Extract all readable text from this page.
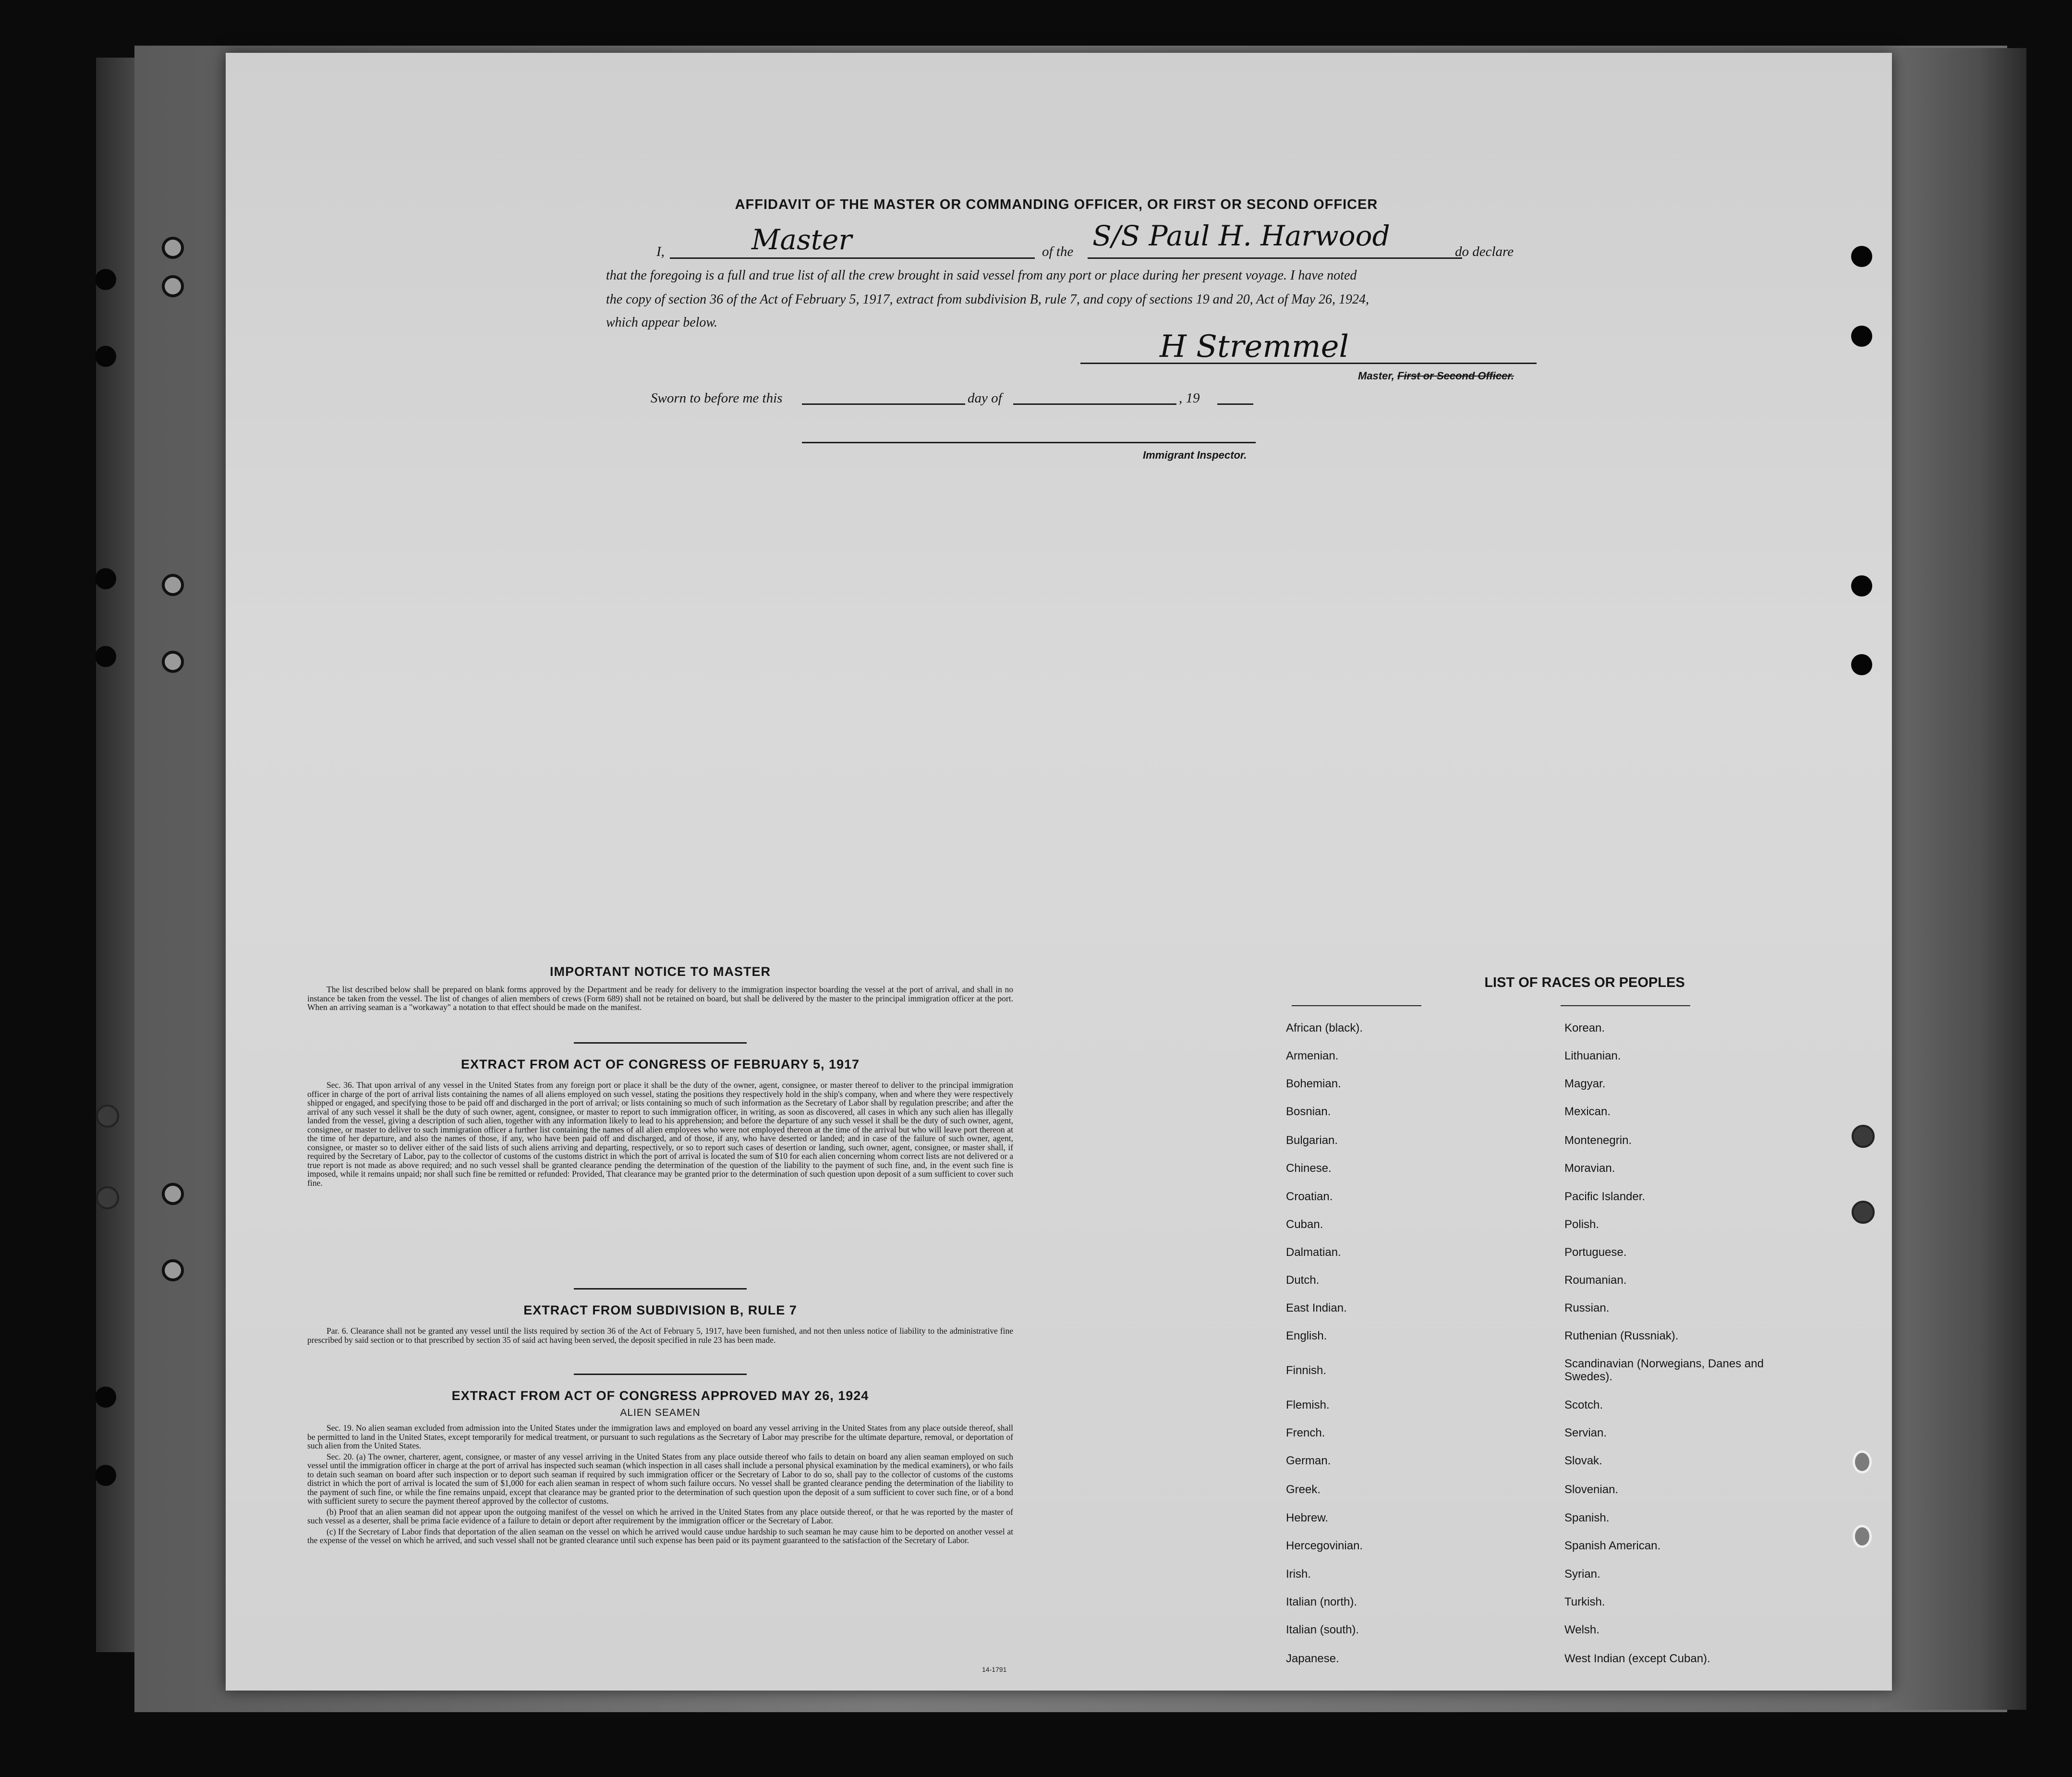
AFFIDAVIT OF THE MASTER OR COMMANDING OFFICER, OR FIRST OR SECOND OFFICER
I,	Master	of the S/S Paul H. Harwood	do declare
that the foregoing is a full and true list of all the crew brought in said vessel from any port or place during her present voyage. I have noted
the copy of section 36 of the Act of February 5, 1917, extract from subdivision B, rule 7, and copy of sections 19 and 20, Act of May 26, 1924,
which appear below.
H Stremmel
Master, First or Second Officer.
Sworn to before me this	day of	, 19
Immigrant Inspector.
IMPORTANT NOTICE TO MASTER
The list described below shall be prepared on blank forms approved by the Department and be ready for delivery to the immigration inspector boarding the vessel at the port of arrival, and shall in no instance be taken from the vessel. The list of changes of alien members of crews (Form 689) shall not be retained on board, but shall be delivered by the master to the principal immigration officer at the port. When an arriving seaman is a "workaway" a notation to that effect should be made on the manifest.
EXTRACT FROM ACT OF CONGRESS OF FEBRUARY 5, 1917
Sec. 36. That upon arrival of any vessel in the United States from any foreign port or place it shall be the duty of the owner, agent, consignee, or master thereof to deliver to the principal immigration officer in charge of the port of arrival lists containing the names of all aliens employed on such vessel, stating the positions they respectively hold in the ship's company, when and where they were respectively shipped or engaged, and specifying those to be paid off and discharged in the port of arrival; or lists containing so much of such information as the Secretary of Labor shall by regulation prescribe; and after the arrival of any such vessel it shall be the duty of such owner, agent, consignee, or master to report to such immigration officer, in writing, as soon as discovered, all cases in which any such alien has illegally landed from the vessel, giving a description of such alien, together with any information likely to lead to his apprehension; and before the departure of any such vessel it shall be the duty of such owner, agent, consignee, or master to deliver to such immigration officer a further list containing the names of all alien employees who were not employed thereon at the time of the arrival but who will leave port thereon at the time of her departure, and also the names of those, if any, who have been paid off and discharged, and of those, if any, who have deserted or landed; and in case of the failure of such owner, agent, consignee, or master so to deliver either of the said lists of such aliens arriving and departing, respectively, or so to report such cases of desertion or landing, such owner, agent, consignee, or master shall, if required by the Secretary of Labor, pay to the collector of customs of the customs district in which the port of arrival is located the sum of $10 for each alien concerning whom correct lists are not delivered or a true report is not made as above required; and no such vessel shall be granted clearance pending the determination of the question of the liability to the payment of such fine, and, in the event such fine is imposed, while it remains unpaid; nor shall such fine be remitted or refunded: Provided, That clearance may be granted prior to the determination of such question upon deposit of a sum sufficient to cover such fine.
EXTRACT FROM SUBDIVISION B, RULE 7
Par. 6. Clearance shall not be granted any vessel until the lists required by section 36 of the Act of February 5, 1917, have been furnished, and not then unless notice of liability to the administrative fine prescribed by said section or to that prescribed by section 35 of said act having been served, the deposit specified in rule 23 has been made.
EXTRACT FROM ACT OF CONGRESS APPROVED MAY 26, 1924
ALIEN SEAMEN
Sec. 19. No alien seaman excluded from admission into the United States under the immigration laws and employed on board any vessel arriving in the United States from any place outside thereof, shall be permitted to land in the United States, except temporarily for medical treatment, or pursuant to such regulations as the Secretary of Labor may prescribe for the ultimate departure, removal, or deportation of such alien from the United States.
Sec. 20. (a) The owner, charterer, agent, consignee, or master of any vessel arriving in the United States from any place outside thereof who fails to detain on board any alien seaman employed on such vessel until the immigration officer in charge at the port of arrival has inspected such seaman (which inspection in all cases shall include a personal physical examination by the medical examiners), or who fails to detain such seaman on board after such inspection or to deport such seaman if required by such immigration officer or the Secretary of Labor to do so, shall pay to the collector of customs of the customs district in which the port of arrival is located the sum of $1,000 for each alien seaman in respect of whom such failure occurs. No vessel shall be granted clearance pending the determination of the liability to the payment of such fine, or while the fine remains unpaid, except that clearance may be granted prior to the determination of such question upon the deposit of a sum sufficient to cover such fine, or of a bond with sufficient surety to secure the payment thereof approved by the collector of customs.
(b) Proof that an alien seaman did not appear upon the outgoing manifest of the vessel on which he arrived in the United States from any place outside thereof, or that he was reported by the master of such vessel as a deserter, shall be prima facie evidence of a failure to detain or deport after requirement by the immigration officer or the Secretary of Labor.
(c) If the Secretary of Labor finds that deportation of the alien seaman on the vessel on which he arrived would cause undue hardship to such seaman he may cause him to be deported on another vessel at the expense of the vessel on which he arrived, and such vessel shall not be granted clearance until such expense has been paid or its payment guaranteed to the satisfaction of the Secretary of Labor.
14-1791
LIST OF RACES OR PEOPLES
African (black).
Armenian.
Bohemian.
Bosnian.
Bulgarian.
Chinese.
Croatian.
Cuban.
Dalmatian.
Dutch.
East Indian.
English.
Finnish.
Flemish.
French.
German.
Greek.
Hebrew.
Hercegovinian.
Irish.
Italian (north).
Italian (south).
Japanese.
Korean.
Lithuanian.
Magyar.
Mexican.
Montenegrin.
Moravian.
Pacific Islander.
Polish.
Portuguese.
Roumanian.
Russian.
Ruthenian (Russniak).
Scandinavian (Norwegians, Danes and Swedes).
Scotch.
Servian.
Slovak.
Slovenian.
Spanish.
Spanish American.
Syrian.
Turkish.
Welsh.
West Indian (except Cuban).
